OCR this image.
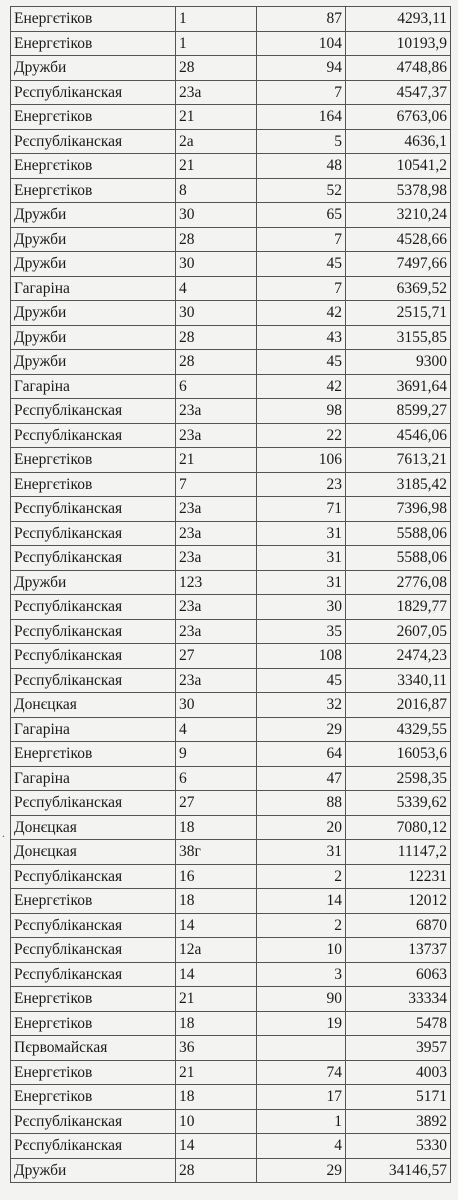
Енергєтіков	1	87	4293,11
Енергєтіков	1	104	10193,9
Дружби	28	94	4748,86
Рєспубліканская	23а	7	4547,37
Енергєтіков	21	164	6763,06
Рєспубліканская	2а	5	4636,1
Енергєтіков	21	48	10541,2
Енергєтіков	8	52	5378,98
Дружби	30	65	3210,24
Дружби	28	7	4528,66
Дружби	30	45	7497,66
Гагаріна	4	7	6369,52
Дружби	30	42	2515,71
Дружби	28	43	3155,85
Дружби	28	45	9300
Гагаріна	6	42	3691,64
Рєспубліканская	23а	98	8599,27
Рєспубліканская	23а	22	4546,06
Енергєтіков	21	106	7613,21
Енергєтіков	7	23	3185,42
Рєспубліканская	23а	71	7396,98
Рєспубліканская	23а	31	5588,06
Рєспубліканская	23а	31	5588,06
Дружби	123	31	2776,08
Рєспубліканская	23а	30	1829,77
Рєспубліканская	23а	35	2607,05
Рєспубліканская	27	108	2474,23
Рєспубліканская	23а	45	3340,11
Донєцкая	30	32	2016,87
Гагаріна	4	29	4329,55
Енергєтіков	9	64	16053,6
Гагаріна	6	47	2598,35
Рєспубліканская	27	88	5339,62
Донєцкая	18	20	7080,12
Донєцкая	38г	31	11147,2
Рєспубліканская	16	2	12231
Енергєтіков	18	14	12012
Рєспубліканская	14	2	6870
Рєспубліканская	12а	10	13737
Рєспубліканская	14	3	6063
Енергєтіков	21	90	33334
Енергєтіков	18	19	5478
Пєрвомайская	36		3957
Енергєтіков	21	74	4003
Енергєтіков	18	17	5171
Рєспубліканская	10	1	3892
Рєспубліканская	14	4	5330
Дружби	28	29	34146,57
.
